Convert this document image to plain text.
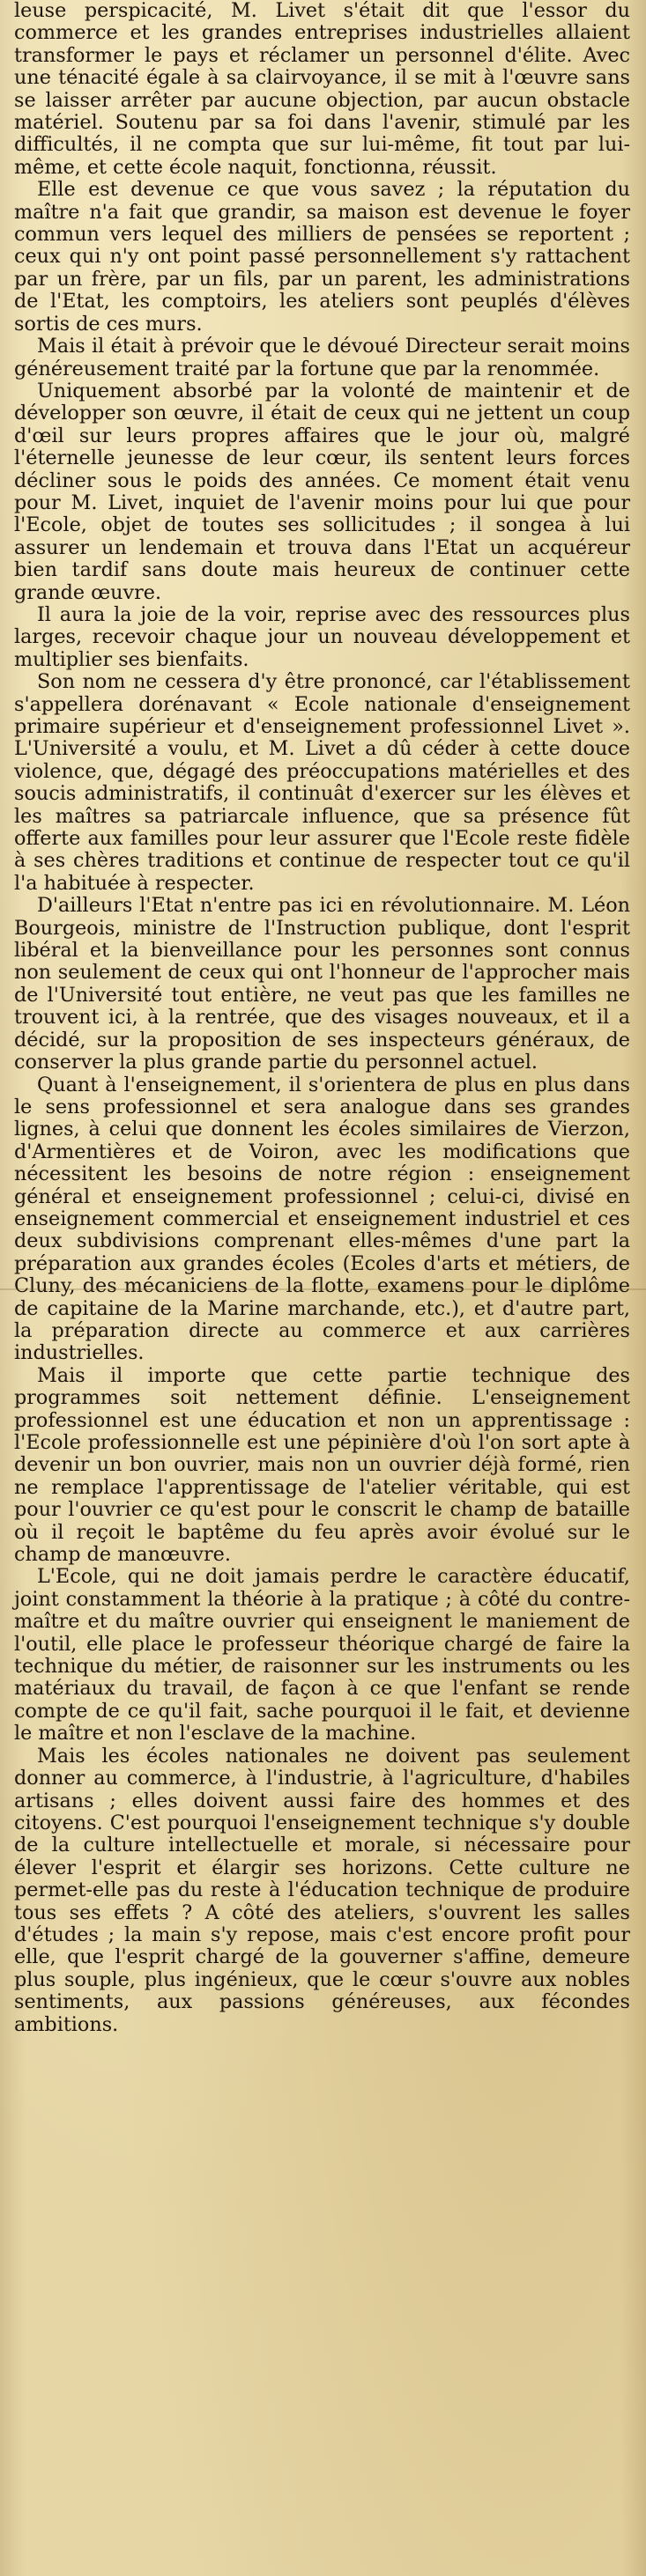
leuse perspicacité, M. Livet s'était dit que l'essor du commerce et les grandes entreprises industrielles allaient transformer le pays et réclamer un personnel d'élite. Avec une ténacité égale à sa clairvoyance, il se mit à l'œuvre sans se laisser arrêter par aucune objection, par aucun obstacle matériel. Soutenu par sa foi dans l'avenir, stimulé par les difficultés, il ne compta que sur lui-même, fit tout par lui-même, et cette école naquit, fonctionna, réussit.

Elle est devenue ce que vous savez ; la réputation du maître n'a fait que grandir, sa maison est devenue le foyer commun vers lequel des milliers de pensées se reportent ; ceux qui n'y ont point passé personnellement s'y rattachent par un frère, par un fils, par un parent, les administrations de l'Etat, les comptoirs, les ateliers sont peuplés d'élèves sortis de ces murs.

Mais il était à prévoir que le dévoué Directeur serait moins généreusement traité par la fortune que par la renommée.

Uniquement absorbé par la volonté de maintenir et de développer son œuvre, il était de ceux qui ne jettent un coup d'œil sur leurs propres affaires que le jour où, malgré l'éternelle jeunesse de leur cœur, ils sentent leurs forces décliner sous le poids des années. Ce moment était venu pour M. Livet, inquiet de l'avenir moins pour lui que pour l'Ecole, objet de toutes ses sollicitudes ; il songea à lui assurer un lendemain et trouva dans l'Etat un acquéreur bien tardif sans doute mais heureux de continuer cette grande œuvre.

Il aura la joie de la voir, reprise avec des ressources plus larges, recevoir chaque jour un nouveau développement et multiplier ses bienfaits.

Son nom ne cessera d'y être prononcé, car l'établissement s'appellera dorénavant « Ecole nationale d'enseignement primaire supérieur et d'enseignement professionnel Livet ». L'Université a voulu, et M. Livet a dû céder à cette douce violence, que, dégagé des préoccupations matérielles et des soucis administratifs, il continuât d'exercer sur les élèves et les maîtres sa patriarcale influence, que sa présence fût offerte aux familles pour leur assurer que l'Ecole reste fidèle à ses chères traditions et continue de respecter tout ce qu'il l'a habituée à respecter.

D'ailleurs l'Etat n'entre pas ici en révolutionnaire. M. Léon Bourgeois, ministre de l'Instruction publique, dont l'esprit libéral et la bienveillance pour les personnes sont connus non seulement de ceux qui ont l'honneur de l'approcher mais de l'Université tout entière, ne veut pas que les familles ne trouvent ici, à la rentrée, que des visages nouveaux, et il a décidé, sur la proposition de ses inspecteurs généraux, de conserver la plus grande partie du personnel actuel.

Quant à l'enseignement, il s'orientera de plus en plus dans le sens professionnel et sera analogue dans ses grandes lignes, à celui que donnent les écoles similaires de Vierzon, d'Armentières et de Voiron, avec les modifications que nécessitent les besoins de notre région : enseignement général et enseignement professionnel ; celui-ci, divisé en enseignement commercial et enseignement industriel et ces deux subdivisions comprenant elles-mêmes d'une part la préparation aux grandes écoles (Ecoles d'arts et métiers, de Cluny, des mécaniciens de la flotte, examens pour le diplôme de capitaine de la Marine marchande, etc.), et d'autre part, la préparation directe au commerce et aux carrières industrielles.

Mais il importe que cette partie technique des programmes soit nettement définie. L'enseignement professionnel est une éducation et non un apprentissage : l'Ecole professionnelle est une pépinière d'où l'on sort apte à devenir un bon ouvrier, mais non un ouvrier déjà formé, rien ne remplace l'apprentissage de l'atelier véritable, qui est pour l'ouvrier ce qu'est pour le conscrit le champ de bataille où il reçoit le baptême du feu après avoir évolué sur le champ de manœuvre.

L'Ecole, qui ne doit jamais perdre le caractère éducatif, joint constamment la théorie à la pratique ; à côté du contre-maître et du maître ouvrier qui enseignent le maniement de l'outil, elle place le professeur théorique chargé de faire la technique du métier, de raisonner sur les instruments ou les matériaux du travail, de façon à ce que l'enfant se rende compte de ce qu'il fait, sache pourquoi il le fait, et devienne le maître et non l'esclave de la machine.

Mais les écoles nationales ne doivent pas seulement donner au commerce, à l'industrie, à l'agriculture, d'habiles artisans ; elles doivent aussi faire des hommes et des citoyens. C'est pourquoi l'enseignement technique s'y double de la culture intellectuelle et morale, si nécessaire pour élever l'esprit et élargir ses horizons. Cette culture ne permet-elle pas du reste à l'éducation technique de produire tous ses effets ? A côté des ateliers, s'ouvrent les salles d'études ; la main s'y repose, mais c'est encore profit pour elle, que l'esprit chargé de la gouverner s'affine, demeure plus souple, plus ingénieux, que le cœur s'ouvre aux nobles sentiments, aux passions généreuses, aux fécondes ambitions.
